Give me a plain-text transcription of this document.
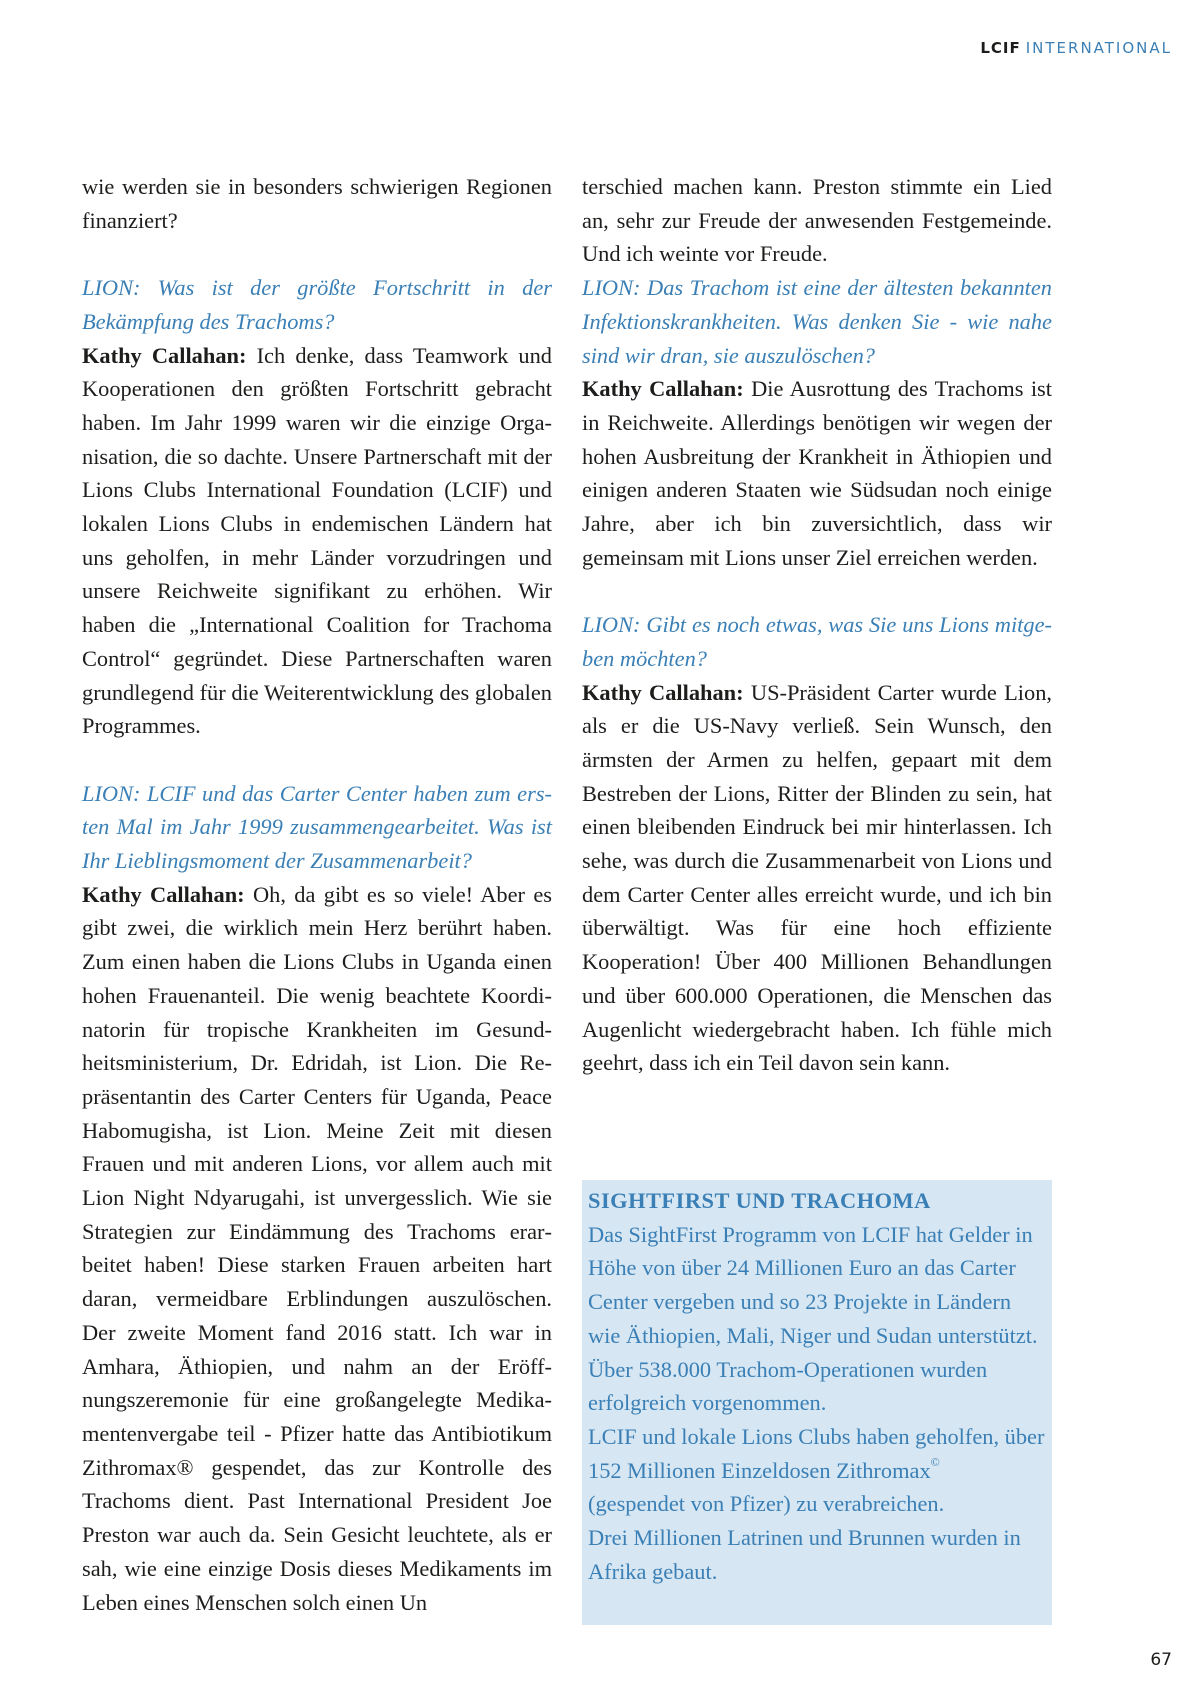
LCIF INTERNATIONAL

wie werden sie in besonders schwierigen Regionen finanziert?

LION: Was ist der größte Fortschritt in der Bekämpfung des Trachoms?

Kathy Callahan: Ich denke, dass Teamwork und Kooperationen den größten Fortschritt gebracht haben. Im Jahr 1999 waren wir die einzige Organisation, die so dachte. Unsere Partnerschaft mit der Lions Clubs International Foundation (LCIF) und lokalen Lions Clubs in endemischen Ländern hat uns geholfen, in mehr Länder vorzudringen und unsere Reichweite signifikant zu erhöhen. Wir haben die „International Coalition for Trachoma Control“ gegründet. Diese Partnerschaften waren grundlegend für die Weiterentwicklung des globalen Programmes.

LION: LCIF und das Carter Center haben zum ersten Mal im Jahr 1999 zusammengearbeitet. Was ist Ihr Lieblingsmoment der Zusammenarbeit?

Kathy Callahan: Oh, da gibt es so viele! Aber es gibt zwei, die wirklich mein Herz berührt haben. Zum einen haben die Lions Clubs in Uganda einen hohen Frauenanteil. Die wenig beachtete Koordinatorin für tropische Krankheiten im Gesundheitsministerium, Dr. Edridah, ist Lion. Die Repräsentantin des Carter Centers für Uganda, Peace Habomugisha, ist Lion. Meine Zeit mit diesen Frauen und mit anderen Lions, vor allem auch mit Lion Night Ndyarugahi, ist unvergesslich. Wie sie Strategien zur Eindämmung des Trachoms erarbeitet haben! Diese starken Frauen arbeiten hart daran, vermeidbare Erblindungen auszulöschen. Der zweite Moment fand 2016 statt. Ich war in Amhara, Äthiopien, und nahm an der Eröffnungszeremonie für eine großangelegte Medikamentenvergabe teil - Pfizer hatte das Antibiotikum Zithromax® gespendet, das zur Kontrolle des Trachoms dient. Past International President Joe Preston war auch da. Sein Gesicht leuchtete, als er sah, wie eine einzige Dosis dieses Medikaments im Leben eines Menschen solch einen Un

terschied machen kann. Preston stimmte ein Lied an, sehr zur Freude der anwesenden Festgemeinde. Und ich weinte vor Freude.

LION: Das Trachom ist eine der ältesten bekannten Infektionskrankheiten. Was denken Sie - wie nahe sind wir dran, sie auszulöschen?

Kathy Callahan: Die Ausrottung des Trachoms ist in Reichweite. Allerdings benötigen wir wegen der hohen Ausbreitung der Krankheit in Äthiopien und einigen anderen Staaten wie Südsudan noch einige Jahre, aber ich bin zuversichtlich, dass wir gemeinsam mit Lions unser Ziel erreichen werden.

LION: Gibt es noch etwas, was Sie uns Lions mitgeben möchten?

Kathy Callahan: US-Präsident Carter wurde Lion, als er die US-Navy verließ. Sein Wunsch, den ärmsten der Armen zu helfen, gepaart mit dem Bestreben der Lions, Ritter der Blinden zu sein, hat einen bleibenden Eindruck bei mir hinterlassen. Ich sehe, was durch die Zusammenarbeit von Lions und dem Carter Center alles erreicht wurde, und ich bin überwältigt. Was für eine hoch effiziente Kooperation! Über 400 Millionen Behandlungen und über 600.000 Operationen, die Menschen das Augenlicht wiedergebracht haben. Ich fühle mich geehrt, dass ich ein Teil davon sein kann.

SIGHTFIRST UND TRACHOMA

Das SightFirst Programm von LCIF hat Gelder in Höhe von über 24 Millionen Euro an das Carter Center vergeben und so 23 Projekte in Ländern wie Äthiopien, Mali, Niger und Sudan unterstützt.

Über 538.000 Trachom-Operationen wurden erfolgreich vorgenommen.

LCIF und lokale Lions Clubs haben geholfen, über 152 Millionen Einzeldosen Zithromax©
(gespendet von Pfizer) zu verabreichen.

Drei Millionen Latrinen und Brunnen wurden in Afrika gebaut.

67
